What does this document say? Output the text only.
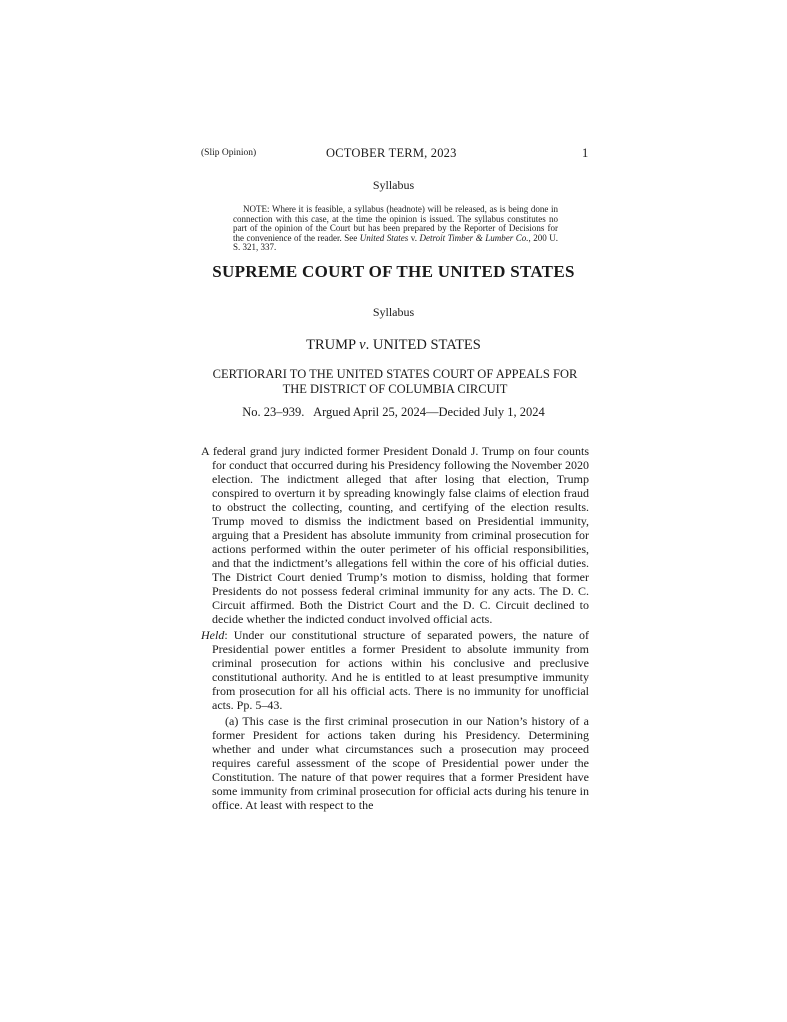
(Slip Opinion)	OCTOBER TERM, 2023	1
Syllabus

NOTE: Where it is feasible, a syllabus (headnote) will be released, as is being done in connection with this case, at the time the opinion is issued. The syllabus constitutes no part of the opinion of the Court but has been prepared by the Reporter of Decisions for the convenience of the reader. See United States v. Detroit Timber & Lumber Co., 200 U. S. 321, 337.

SUPREME COURT OF THE UNITED STATES
Syllabus
TRUMP v. UNITED STATES
CERTIORARI TO THE UNITED STATES COURT OF APPEALS FOR THE DISTRICT OF COLUMBIA CIRCUIT
No. 23–939.   Argued April 25, 2024—Decided July 1, 2024

A federal grand jury indicted former President Donald J. Trump on four counts for conduct that occurred during his Presidency following the November 2020 election. The indictment alleged that after losing that election, Trump conspired to overturn it by spreading knowingly false claims of election fraud to obstruct the collecting, counting, and certifying of the election results. Trump moved to dismiss the indictment based on Presidential immunity, arguing that a President has absolute immunity from criminal prosecution for actions performed within the outer perimeter of his official responsibilities, and that the indictment’s allegations fell within the core of his official duties. The District Court denied Trump’s motion to dismiss, holding that former Presidents do not possess federal criminal immunity for any acts. The D. C. Circuit affirmed. Both the District Court and the D. C. Circuit declined to decide whether the indicted conduct involved official acts.

Held: Under our constitutional structure of separated powers, the nature of Presidential power entitles a former President to absolute immunity from criminal prosecution for actions within his conclusive and preclusive constitutional authority. And he is entitled to at least presumptive immunity from prosecution for all his official acts. There is no immunity for unofficial acts. Pp. 5–43.

(a) This case is the first criminal prosecution in our Nation’s history of a former President for actions taken during his Presidency. Determining whether and under what circumstances such a prosecution may proceed requires careful assessment of the scope of Presidential power under the Constitution. The nature of that power requires that a former President have some immunity from criminal prosecution for official acts during his tenure in office. At least with respect to the
